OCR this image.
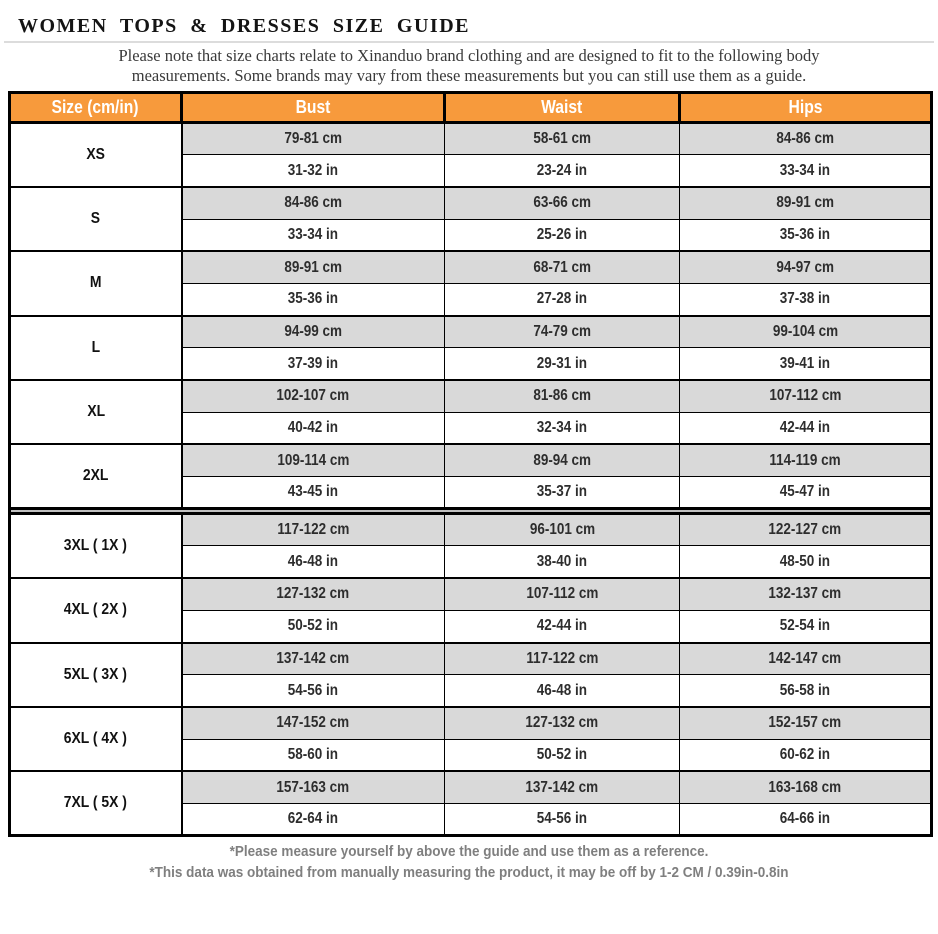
WOMEN TOPS & DRESSES SIZE GUIDE

Please note that size charts relate to Xinanduo brand clothing and are designed to fit to the following body

measurements. Some brands may vary from these measurements but you can still use them as a guide.

Size (cm/in)	Bust	Waist	Hips
XS	79-81 cm	58-61 cm	84-86 cm
	31-32 in	23-24 in	33-34 in
S	84-86 cm	63-66 cm	89-91 cm
	33-34 in	25-26 in	35-36 in
M	89-91 cm	68-71 cm	94-97 cm
	35-36 in	27-28 in	37-38 in
L	94-99 cm	74-79 cm	99-104 cm
	37-39 in	29-31 in	39-41 in
XL	102-107 cm	81-86 cm	107-112 cm
	40-42 in	32-34 in	42-44 in
2XL	109-114 cm	89-94 cm	114-119 cm
	43-45 in	35-37 in	45-47 in

3XL ( 1X )	117-122 cm	96-101 cm	122-127 cm
	46-48 in	38-40 in	48-50 in
4XL ( 2X )	127-132 cm	107-112 cm	132-137 cm
	50-52 in	42-44 in	52-54 in
5XL ( 3X )	137-142 cm	117-122 cm	142-147 cm
	54-56 in	46-48 in	56-58 in
6XL ( 4X )	147-152 cm	127-132 cm	152-157 cm
	58-60 in	50-52 in	60-62 in
7XL ( 5X )	157-163 cm	137-142 cm	163-168 cm
	62-64 in	54-56 in	64-66 in

*Please measure yourself by above the guide and use them as a reference.

*This data was obtained from manually measuring the product, it may be off by 1-2 CM / 0.39in-0.8in
